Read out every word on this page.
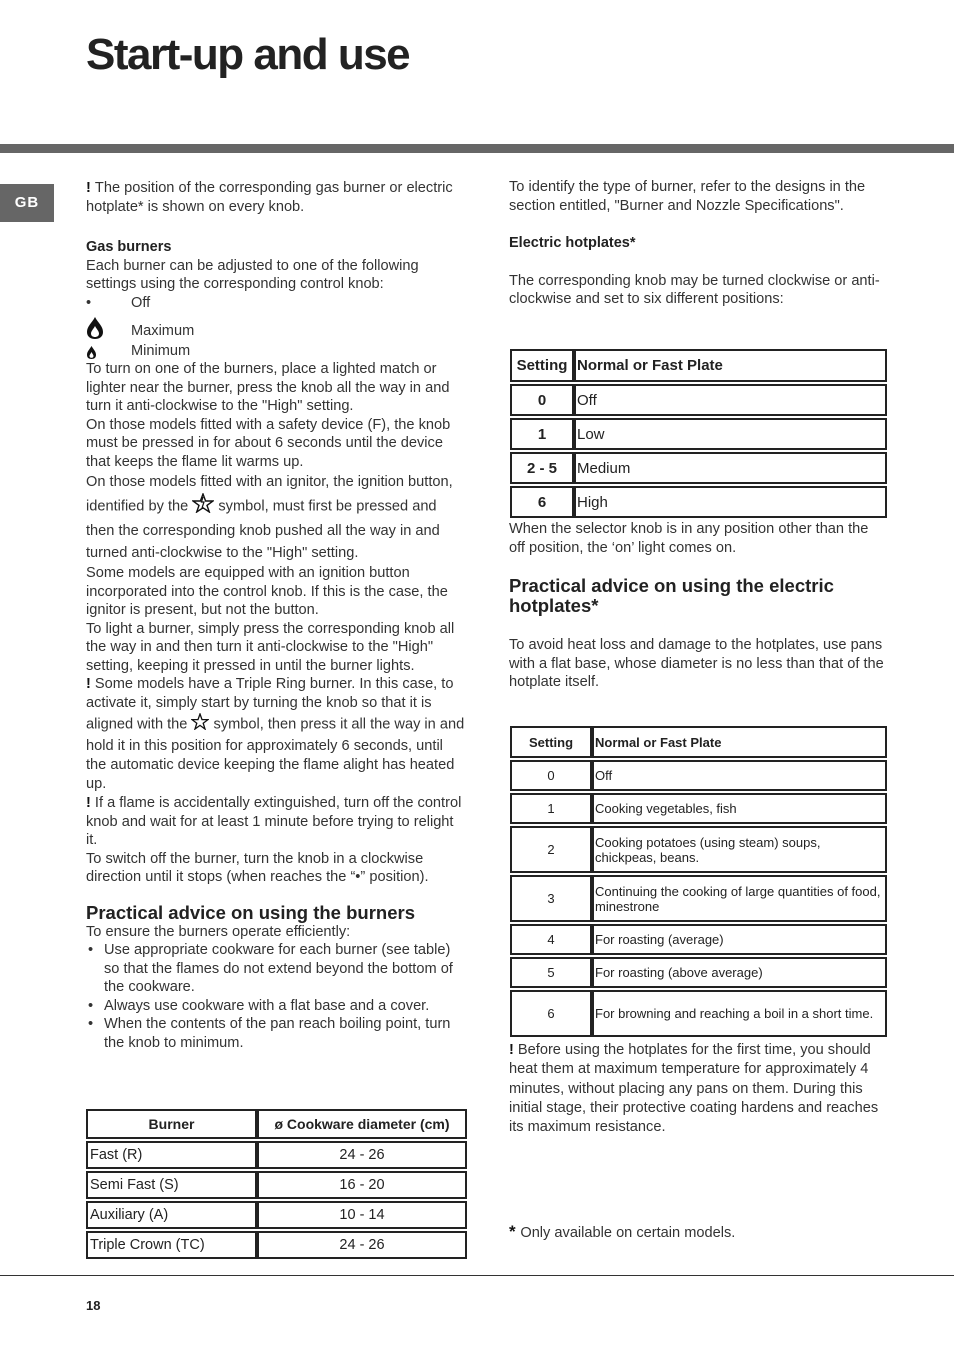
Start-up and use
GB

! The position of the corresponding gas burner or electric hotplate* is shown on every knob.

Gas burners

Each burner can be adjusted to one of the following settings using the corresponding control knob:

•	Off
Maximum
Minimum

To turn on one of the burners, place a lighted match or lighter near the burner, press the knob all the way in and turn it anti-clockwise to the "High" setting.

On those models fitted with a safety device (F), the knob must be pressed in for about 6 seconds until the device that keeps the flame lit warms up.

On those models fitted with an ignitor, the ignition button, identified by the symbol, must first be pressed and then the corresponding knob pushed all the way in and turned anti-clockwise to the "High" setting.

Some models are equipped with an ignition button incorporated into the control knob. If this is the case, the ignitor is present, but not the button.

To light a burner, simply press the corresponding knob all the way in and then turn it anti-clockwise to the "High" setting, keeping it pressed in until the burner lights.

! Some models have a Triple Ring burner. In this case, to activate it, simply start by turning the knob so that it is aligned with the symbol, then press it all the way in and hold it in this position for approximately 6 seconds, until the automatic device keeping the flame alight has heated up.

! If a flame is accidentally extinguished, turn off the control knob and wait for at least 1 minute before trying to relight it.

To switch off the burner, turn the knob in a clockwise direction until it stops (when reaches the “•” position).

Practical advice on using the burners

To ensure the burners operate efficiently:

• Use appropriate cookware for each burner (see table) so that the flames do not extend beyond the bottom of the cookware.
• Always use cookware with a flat base and a cover.
• When the contents of the pan reach boiling point, turn the knob to minimum.
Burner	ø Cookware diameter (cm)
Fast (R)	24 - 26
Semi Fast (S)	16 - 20
Auxiliary (A)	10 - 14
Triple Crown (TC)	24 - 26

To identify the type of burner, refer to the designs in the section entitled, "Burner and Nozzle Specifications".

Electric hotplates*

The corresponding knob may be turned clockwise or anti-clockwise and set to six different positions:

Setting	Normal or Fast Plate
0	Off
1	Low
2 - 5	Medium
6	High

When the selector knob is in any position other than the off position, the ‘on’ light comes on.

Practical advice on using the electric hotplates*

To avoid heat loss and damage to the hotplates, use pans with a flat base, whose diameter is no less than that of the hotplate itself.

Setting	Normal or Fast Plate
0	Off
1	Cooking vegetables, fish
2	Cooking potatoes (using steam) soups, chickpeas, beans.
3	Continuing the cooking of large quantities of food, minestrone
4	For roasting (average)
5	For roasting (above average)
6	For browning and reaching a boil in a short time.

! Before using the hotplates for the first time, you should heat them at maximum temperature for approximately 4 minutes, without placing any pans on them. During this initial stage, their protective coating hardens and reaches its maximum resistance.

* Only available on certain models.
18
